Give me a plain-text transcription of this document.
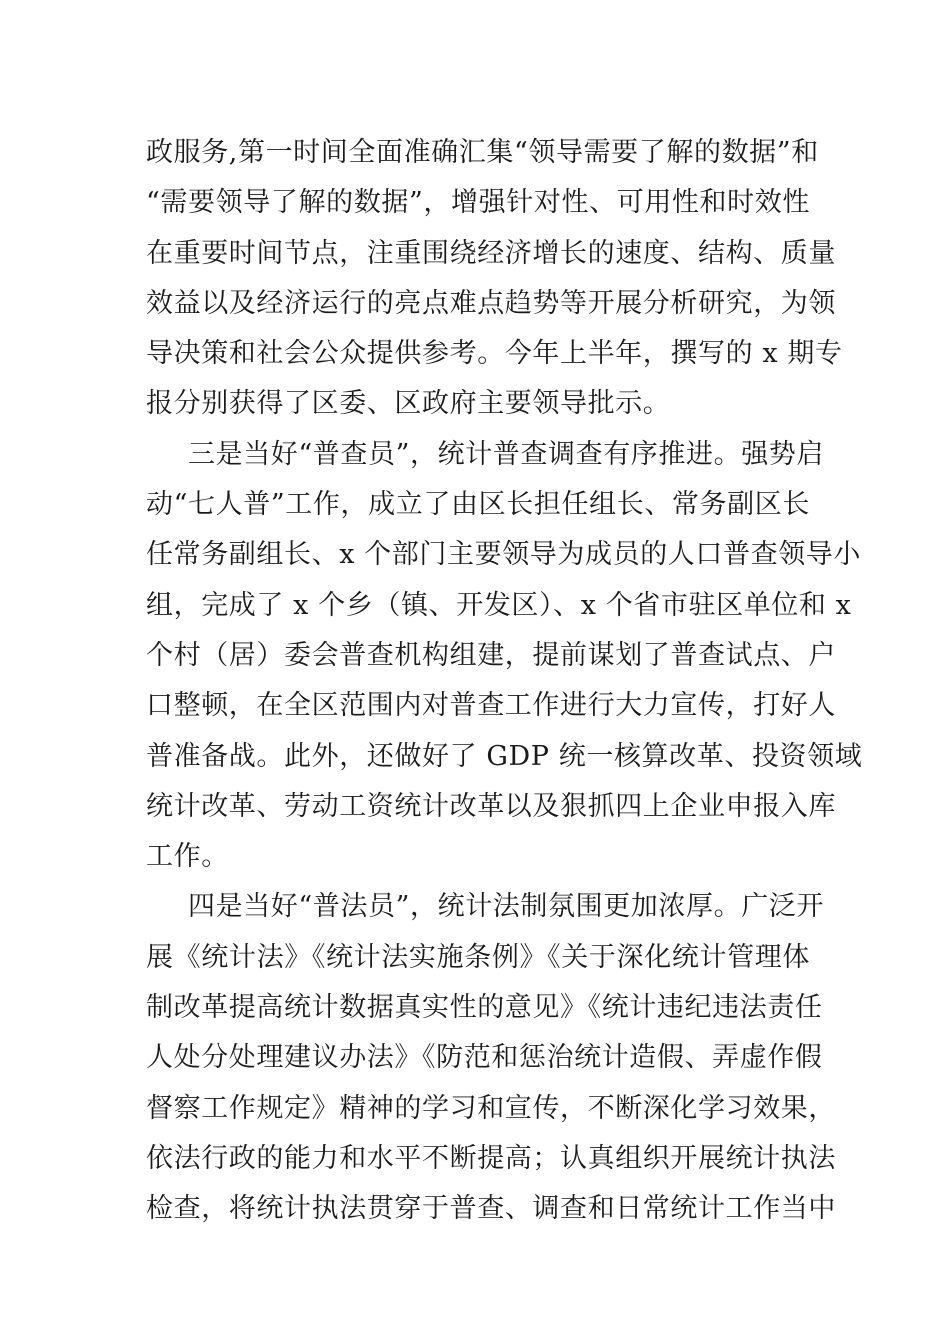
政服务,第一时间全面准确汇集“领导需要了解的数据”和
“需要领导了解的数据”，增强针对性、可用性和时效性
在重要时间节点，注重围绕经济增长的速度、结构、质量
效益以及经济运行的亮点难点趋势等开展分析研究，为领
导决策和社会公众提供参考。今年上半年，撰写的 x 期专
报分别获得了区委、区政府主要领导批示。
三是当好“普查员”，统计普查调查有序推进。强势启
动“七人普”工作，成立了由区长担任组长、常务副区长
任常务副组长、x 个部门主要领导为成员的人口普查领导小
组，完成了 x 个乡（镇、开发区）、x 个省市驻区单位和 x
个村（居）委会普查机构组建，提前谋划了普查试点、户
口整顿，在全区范围内对普查工作进行大力宣传，打好人
普准备战。此外，还做好了 GDP 统一核算改革、投资领域
统计改革、劳动工资统计改革以及狠抓四上企业申报入库
工作。
四是当好“普法员”，统计法制氛围更加浓厚。广泛开
展《统计法》《统计法实施条例》《关于深化统计管理体
制改革提高统计数据真实性的意见》《统计违纪违法责任
人处分处理建议办法》《防范和惩治统计造假、弄虚作假
督察工作规定》精神的学习和宣传，不断深化学习效果，
依法行政的能力和水平不断提高；认真组织开展统计执法
检查，将统计执法贯穿于普查、调查和日常统计工作当中
